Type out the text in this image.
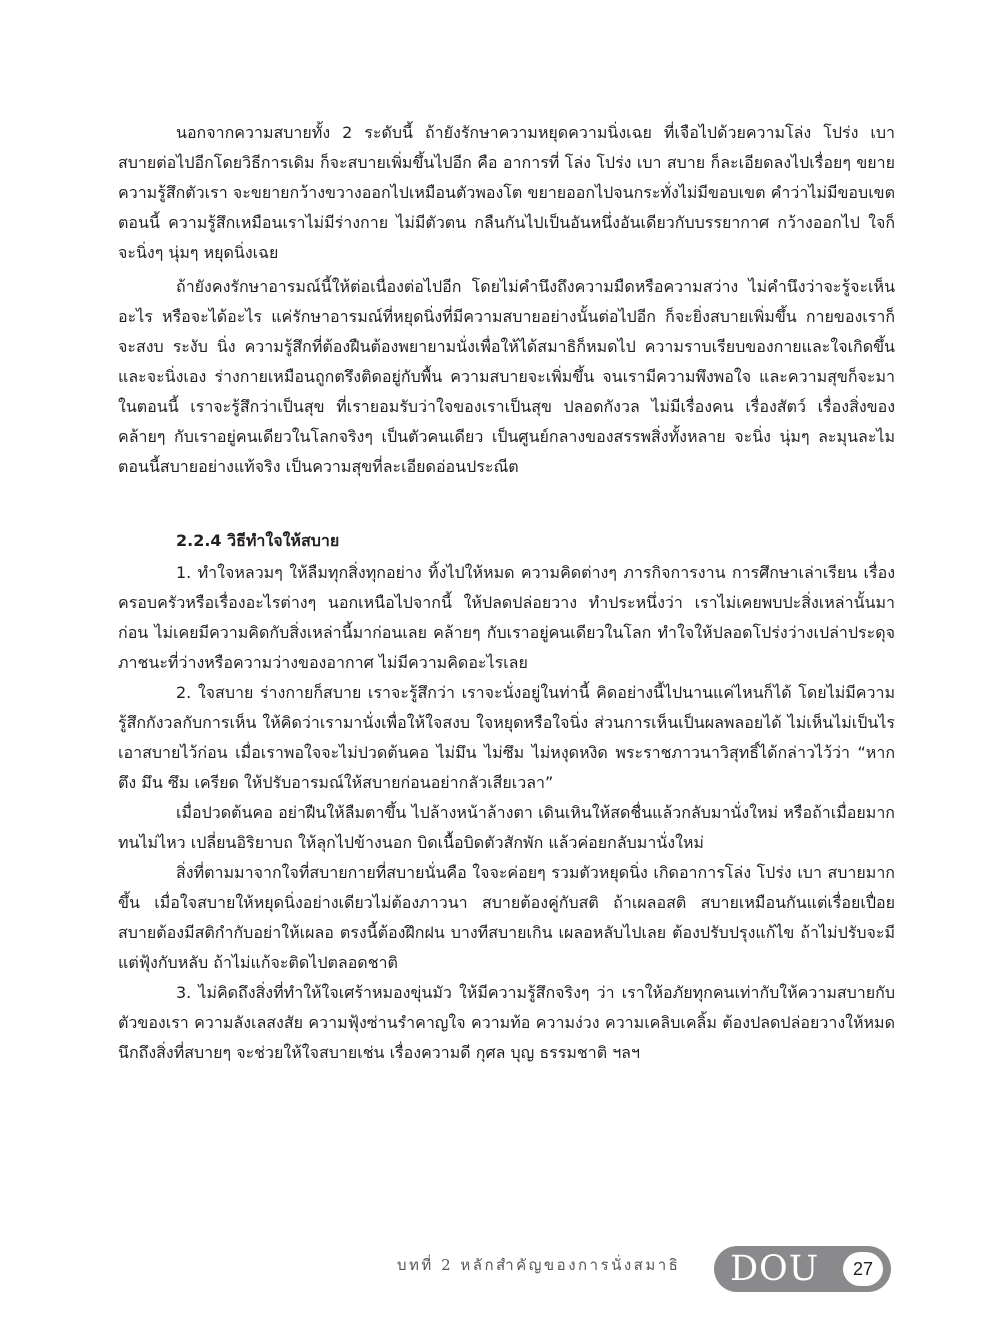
นอกจากความสบายทั้ง 2 ระดับนี้ ถ้ายังรักษาความหยุดความนิ่งเฉย ที่เจือไปด้วยความโล่ง โปร่ง เบา สบายต่อไปอีกโดยวิธีการเดิม ก็จะสบายเพิ่มขึ้นไปอีก คือ อาการที่ โล่ง โปร่ง เบา สบาย ก็ละเอียดลงไปเรื่อยๆ ขยายความรู้สึกตัวเรา จะขยายกว้างขวางออกไปเหมือนตัวพองโต ขยายออกไปจนกระทั่งไม่มีขอบเขต คำว่าไม่มีขอบเขตตอนนี้ ความรู้สึกเหมือนเราไม่มีร่างกาย ไม่มีตัวตน กลืนกันไปเป็นอันหนึ่งอันเดียวกับบรรยากาศ กว้างออกไป ใจก็จะนิ่งๆ นุ่มๆ หยุดนิ่งเฉย

ถ้ายังคงรักษาอารมณ์นี้ให้ต่อเนื่องต่อไปอีก โดยไม่คำนึงถึงความมืดหรือความสว่าง ไม่คำนึงว่าจะรู้จะเห็นอะไร หรือจะได้อะไร แค่รักษาอารมณ์ที่หยุดนิ่งที่มีความสบายอย่างนั้นต่อไปอีก ก็จะยิ่งสบายเพิ่มขึ้น กายของเราก็จะสงบ ระงับ นิ่ง ความรู้สึกที่ต้องฝืนต้องพยายามนั่งเพื่อให้ได้สมาธิก็หมดไป ความราบเรียบของกายและใจเกิดขึ้น และจะนิ่งเอง ร่างกายเหมือนถูกตรึงติดอยู่กับพื้น ความสบายจะเพิ่มขึ้น จนเรามีความพึงพอใจ และความสุขก็จะมาในตอนนี้ เราจะรู้สึกว่าเป็นสุข ที่เรายอมรับว่าใจของเราเป็นสุข ปลอดกังวล ไม่มีเรื่องคน เรื่องสัตว์ เรื่องสิ่งของ คล้ายๆ กับเราอยู่คนเดียวในโลกจริงๆ เป็นตัวคนเดียว เป็นศูนย์กลางของสรรพสิ่งทั้งหลาย จะนิ่ง นุ่มๆ ละมุนละไม ตอนนี้สบายอย่างแท้จริง เป็นความสุขที่ละเอียดอ่อนประณีต

2.2.4 วิธีทำใจให้สบาย

1. ทำใจหลวมๆ ให้ลืมทุกสิ่งทุกอย่าง ทิ้งไปให้หมด ความคิดต่างๆ ภารกิจการงาน การศึกษาเล่าเรียน เรื่องครอบครัวหรือเรื่องอะไรต่างๆ นอกเหนือไปจากนี้ ให้ปลดปล่อยวาง ทำประหนึ่งว่า เราไม่เคยพบปะสิ่งเหล่านั้นมาก่อน ไม่เคยมีความคิดกับสิ่งเหล่านี้มาก่อนเลย คล้ายๆ กับเราอยู่คนเดียวในโลก ทำใจให้ปลอดโปร่งว่างเปล่าประดุจภาชนะที่ว่างหรือความว่างของอากาศ ไม่มีความคิดอะไรเลย

2. ใจสบาย ร่างกายก็สบาย เราจะรู้สึกว่า เราจะนั่งอยู่ในท่านี้ คิดอย่างนี้ไปนานแค่ไหนก็ได้ โดยไม่มีความรู้สึกกังวลกับการเห็น ให้คิดว่าเรามานั่งเพื่อให้ใจสงบ ใจหยุดหรือใจนิ่ง ส่วนการเห็นเป็นผลพลอยได้ ไม่เห็นไม่เป็นไร เอาสบายไว้ก่อน เมื่อเราพอใจจะไม่ปวดต้นคอ ไม่มึน ไม่ซึม ไม่หงุดหงิด พระราชภาวนาวิสุทธิ์ได้กล่าวไว้ว่า “หากตึง มึน ซึม เครียด ให้ปรับอารมณ์ให้สบายก่อนอย่ากลัวเสียเวลา”

เมื่อปวดต้นคอ อย่าฝืนให้ลืมตาขึ้น ไปล้างหน้าล้างตา เดินเหินให้สดชื่นแล้วกลับมานั่งใหม่ หรือถ้าเมื่อยมากทนไม่ไหว เปลี่ยนอิริยาบถ ให้ลุกไปข้างนอก บิดเนื้อบิดตัวสักพัก แล้วค่อยกลับมานั่งใหม่

สิ่งที่ตามมาจากใจที่สบายกายที่สบายนั่นคือ ใจจะค่อยๆ รวมตัวหยุดนิ่ง เกิดอาการโล่ง โปร่ง เบา สบายมากขึ้น เมื่อใจสบายให้หยุดนิ่งอย่างเดียวไม่ต้องภาวนา สบายต้องคู่กับสติ ถ้าเผลอสติ สบายเหมือนกันแต่เรื่อยเปื่อย สบายต้องมีสติกำกับอย่าให้เผลอ ตรงนี้ต้องฝึกฝน บางทีสบายเกิน เผลอหลับไปเลย ต้องปรับปรุงแก้ไข ถ้าไม่ปรับจะมีแต่ฟุ้งกับหลับ ถ้าไม่แก้จะติดไปตลอดชาติ

3. ไม่คิดถึงสิ่งที่ทำให้ใจเศร้าหมองขุ่นมัว ให้มีความรู้สึกจริงๆ ว่า เราให้อภัยทุกคนเท่ากับให้ความสบายกับตัวของเรา ความลังเลสงสัย ความฟุ้งซ่านรำคาญใจ ความท้อ ความง่วง ความเคลิบเคลิ้ม ต้องปลดปล่อยวางให้หมด นึกถึงสิ่งที่สบายๆ จะช่วยให้ใจสบายเช่น เรื่องความดี กุศล บุญ ธรรมชาติ ฯลฯ

บทที่ 2 หลักสำคัญของการนั่งสมาธิ DOU	27
